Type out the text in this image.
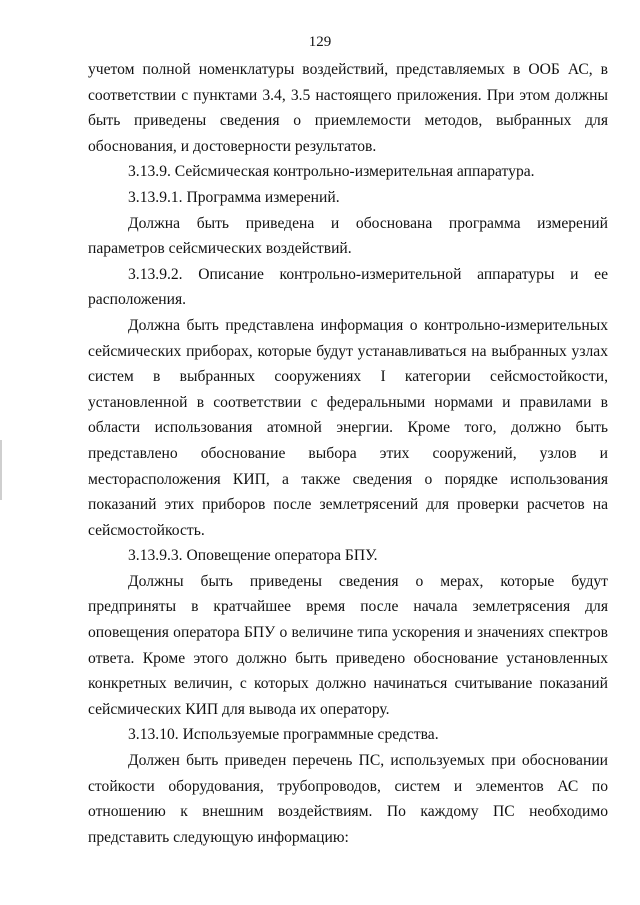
129

учетом полной номенклатуры воздействий, представляемых в ООБ АС, в соответствии с пунктами 3.4, 3.5 настоящего приложения. При этом должны быть приведены сведения о приемлемости методов, выбранных для обоснования, и достоверности результатов.

3.13.9. Сейсмическая контрольно-измерительная аппаратура.

3.13.9.1. Программа измерений.

Должна быть приведена и обоснована программа измерений параметров сейсмических воздействий.

3.13.9.2. Описание контрольно-измерительной аппаратуры и ее расположения.

Должна быть представлена информация о контрольно-измерительных сейсмических приборах, которые будут устанавливаться на выбранных узлах систем в выбранных сооружениях I категории сейсмостойкости, установленной в соответствии с федеральными нормами и правилами в области использования атомной энергии. Кроме того, должно быть представлено обоснование выбора этих сооружений, узлов и месторасположения КИП, а также сведения о порядке использования показаний этих приборов после землетрясений для проверки расчетов на сейсмостойкость.

3.13.9.3. Оповещение оператора БПУ.

Должны быть приведены сведения о мерах, которые будут предприняты в кратчайшее время после начала землетрясения для оповещения оператора БПУ о величине типа ускорения и значениях спектров ответа. Кроме этого должно быть приведено обоснование установленных конкретных величин, с которых должно начинаться считывание показаний сейсмических КИП для вывода их оператору.

3.13.10. Используемые программные средства.

Должен быть приведен перечень ПС, используемых при обосновании стойкости оборудования, трубопроводов, систем и элементов АС по отношению к внешним воздействиям. По каждому ПС необходимо представить следующую информацию:
